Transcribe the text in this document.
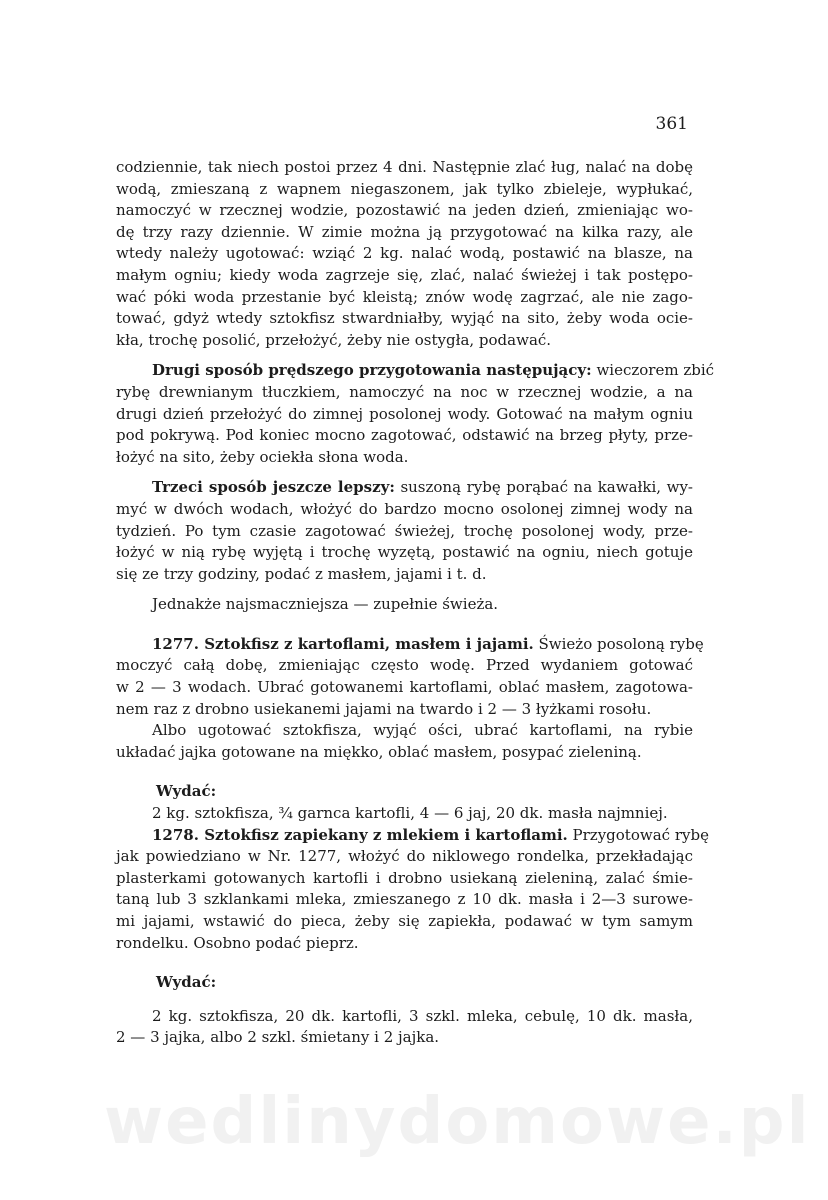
361
codziennie, tak niech postoi przez 4 dni. Następnie zlać ług, nalać na dobę
wodą, zmieszaną z wapnem niegaszonem, jak tylko zbieleje, wypłukać,
namoczyć w rzecznej wodzie, pozostawić na jeden dzień, zmieniając wo-
dę trzy razy dziennie. W zimie można ją przygotować na kilka razy, ale
wtedy należy ugotować: wziąć 2 kg. nalać wodą, postawić na blasze, na
małym ogniu; kiedy woda zagrzeje się, zlać, nalać świeżej i tak postępo-
wać póki woda przestanie być kleistą; znów wodę zagrzać, ale nie zago-
tować, gdyż wtedy sztokfisz stwardniałby, wyjąć na sito, żeby woda ocie-
kła, trochę posolić, przełożyć, żeby nie ostygła, podawać.
Drugi sposób prędszego przygotowania następujący: wieczorem zbić
rybę drewnianym tłuczkiem, namoczyć na noc w rzecznej wodzie, a na
drugi dzień przełożyć do zimnej posolonej wody. Gotować na małym ogniu
pod pokrywą. Pod koniec mocno zagotować, odstawić na brzeg płyty, prze-
łożyć na sito, żeby ociekła słona woda.
Trzeci sposób jeszcze lepszy: suszoną rybę porąbać na kawałki, wy-
myć w dwóch wodach, włożyć do bardzo mocno osolonej zimnej wody na
tydzień. Po tym czasie zagotować świeżej, trochę posolonej wody, prze-
łożyć w nią rybę wyjętą i trochę wyzętą, postawić na ogniu, niech gotuje
się ze trzy godziny, podać z masłem, jajami i t. d.
Jednakże najsmaczniejsza — zupełnie świeża.
1277. Sztokfisz z kartoflami, masłem i jajami. Świeżo posoloną rybę
moczyć całą dobę, zmieniając często wodę. Przed wydaniem gotować
w 2 — 3 wodach. Ubrać gotowanemi kartoflami, oblać masłem, zagotowa-
nem raz z drobno usiekanemi jajami na twardo i 2 — 3 łyżkami rosołu.
Albo ugotować sztokfisza, wyjąć ości, ubrać kartoflami, na rybie
układać jajka gotowane na miękko, oblać masłem, posypać zieleniną.
Wydać:
2 kg. sztokfisza, ¾ garnca kartofli, 4 — 6 jaj, 20 dk. masła najmniej.
1278. Sztokfisz zapiekany z mlekiem i kartoflami. Przygotować rybę
jak powiedziano w Nr. 1277, włożyć do niklowego rondelka, przekładając
plasterkami gotowanych kartofli i drobno usiekaną zieleniną, zalać śmie-
taną lub 3 szklankami mleka, zmieszanego z 10 dk. masła i 2—3 surowe-
mi jajami, wstawić do pieca, żeby się zapiekła, podawać w tym samym
rondelku. Osobno podać pieprz.
Wydać:
2 kg. sztokfisza, 20 dk. kartofli, 3 szkl. mleka, cebulę, 10 dk. masła,
2 — 3 jajka, albo 2 szkl. śmietany i 2 jajka.
wedlinydomowe.pl
